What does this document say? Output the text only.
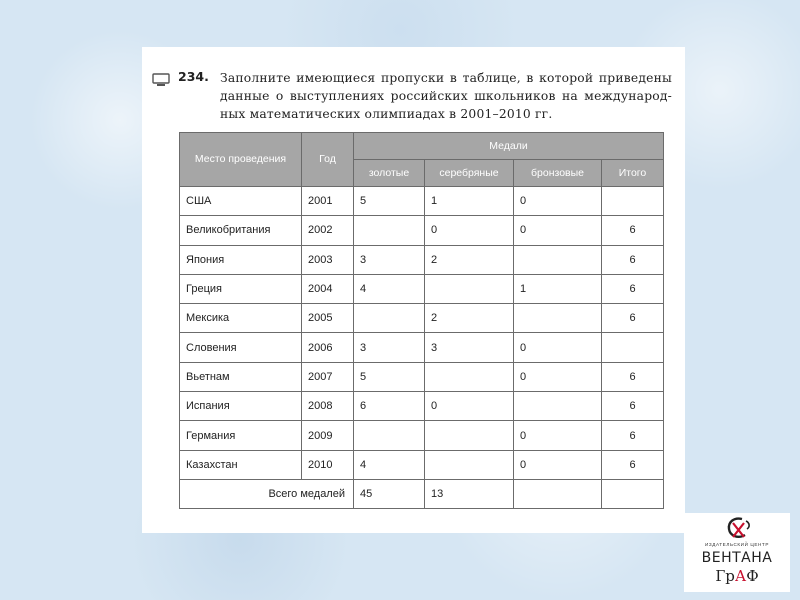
234. Заполните имеющиеся пропуски в таблице, в которой приведены данные о выступлениях российских школьников на международ-ных математических олимпиадах в 2001–2010 гг.
Место проведения	Год	Медали			
		золотые	серебряные	бронзовые	Итого
США	2001	5	1	0	
Великобритания	2002		0	0	6
Япония	2003	3	2		6
Греция	2004	4		1	6
Мексика	2005		2		6
Словения	2006	3	3	0	
Вьетнам	2007	5		0	6
Испания	2008	6	0		6
Германия	2009			0	6
Казахстан	2010	4		0	6
Всего медалей		45	13		
ИЗДАТЕЛЬСКИЙ ЦЕНТР
ВЕНТАНА
ГрАФ
